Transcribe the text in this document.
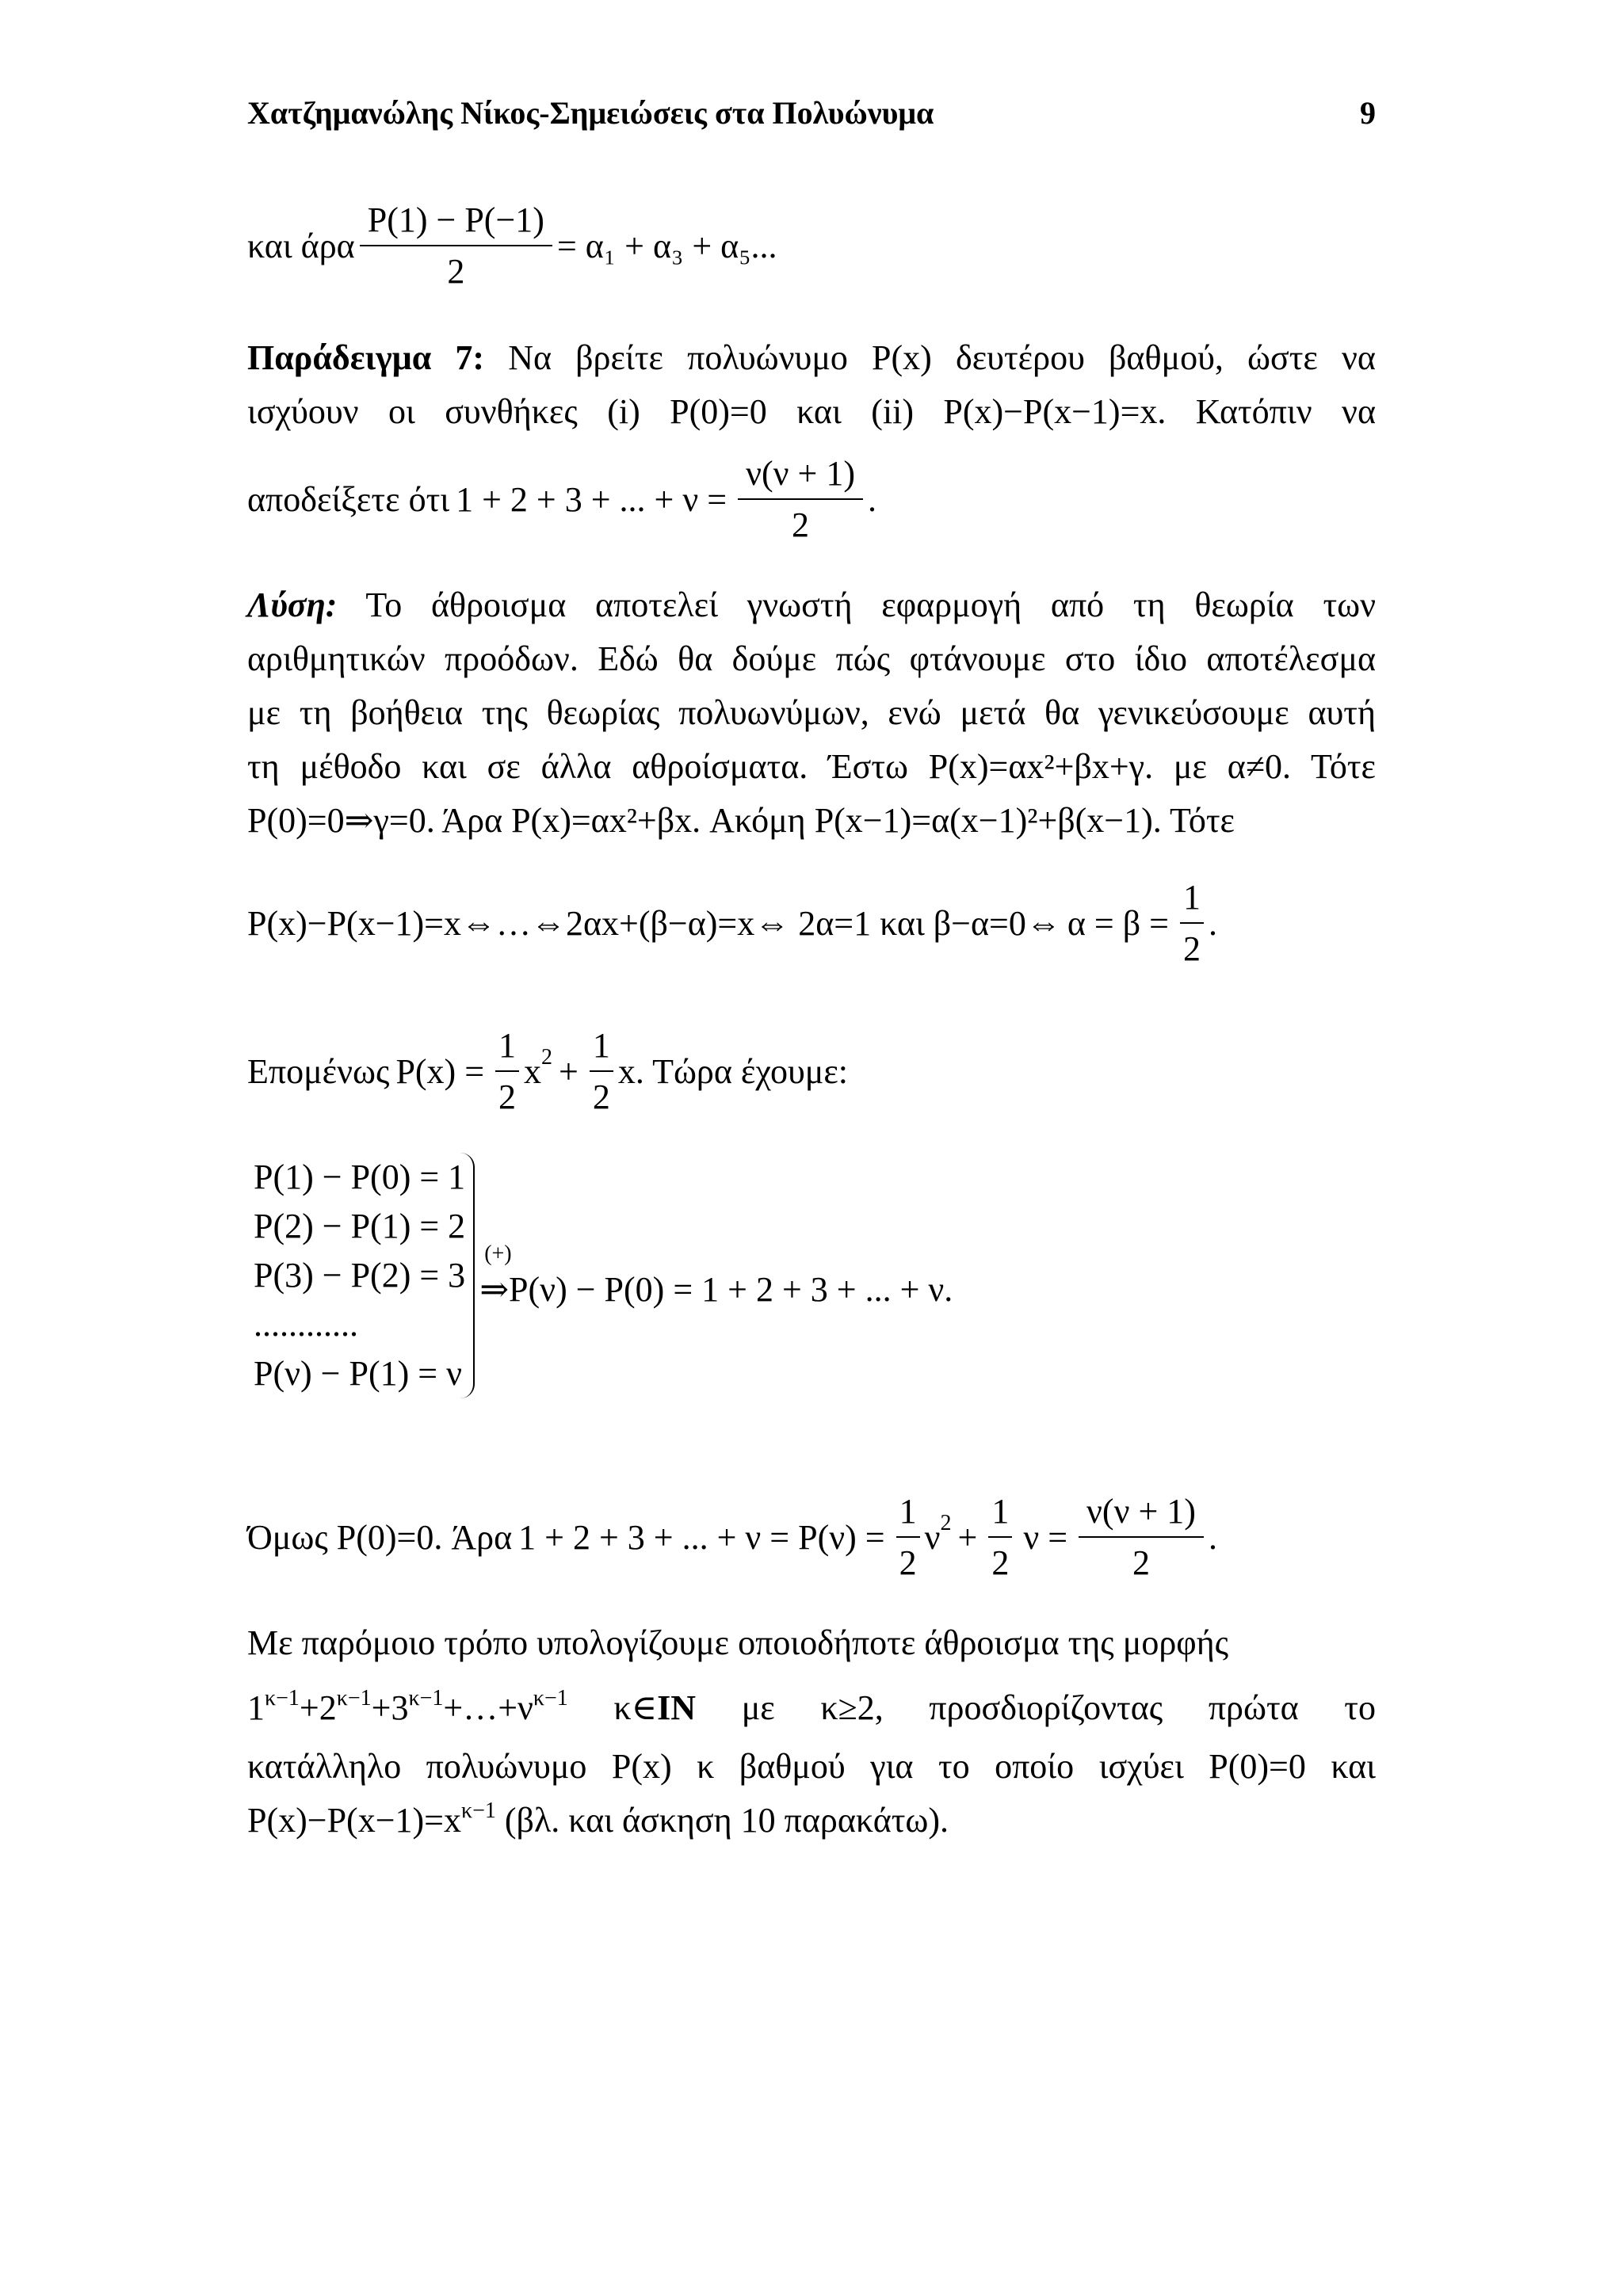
Χατζημανώλης Νίκος-Σημειώσεις στα Πολυώνυμα	9
και άρα $\frac{P(1) - P(-1)}{2} = \alpha_1 + \alpha_3 + \alpha_5$...

Παράδειγμα 7: Να βρείτε πολυώνυμο P(x) δευτέρου βαθμού, ώστε να

ισχύουν οι συνθήκες (i) P(0)=0 και (ii) P(x)−P(x−1)=x. Κατόπιν να

αποδείξετε ότι 1 + 2 + 3 + ... + $\nu = \frac{\nu(\nu + 1)}{2}$ .

Λύση: Το άθροισμα αποτελεί γνωστή εφαρμογή από τη θεωρία των

αριθμητικών προόδων. Εδώ θα δούμε πώς φτάνουμε στο ίδιο αποτέλεσμα

με τη βοήθεια της θεωρίας πολυωνύμων, ενώ μετά θα γενικεύσουμε αυτή

τη μέθοδο και σε άλλα αθροίσματα. Έστω P(x)=αx²+βx+γ. με α≠0. Τότε

P(0)=0⇒γ=0. Άρα P(x)=αx²+βx. Ακόμη P(x−1)=α(x−1)²+β(x−1). Τότε

P(x)−P(x−1)=x⇔…⇔2αx+(β−α)=x⇔ 2α=1 και β−α=0⇔ $\alpha = \beta = \frac{1}{2}$ .
Επομένως $P(x) = \frac{1}{2}$ x $2 + \frac{1}{2}$ x . Τώρα έχουμε:
P(1) − P(0) = 1
P(2) − P(1) = 2
P(3) − P(2) = 3
............
P(ν) − P(1) = ν
(+)
⇒P(ν) − P(0) = 1 + 2 + 3 + ... + ν.
Όμως P(0)=0. Άρα 1 + 2 + 3 + ... + $\nu = P(\nu) = \frac{1}{2}$ ν $2 + \frac{1}{2}$ $\nu = \frac{\nu(\nu + 1)}{2}$ .

Με παρόμοιο τρόπο υπολογίζουμε οποιοδήποτε άθροισμα της μορφής

$1^{\kappa-1}+2^{\kappa-1}+3^{\kappa-1}+\dots+\nu^{\kappa-1}$ κ∈IN με κ≥2, προσδιορίζοντας πρώτα το

κατάλληλο πολυώνυμο P(x) κ βαθμού για το οποίο ισχύει P(0)=0 και

$P(x)-P(x-1)=x^{\kappa-1}$ (βλ. και άσκηση 10 παρακάτω).
